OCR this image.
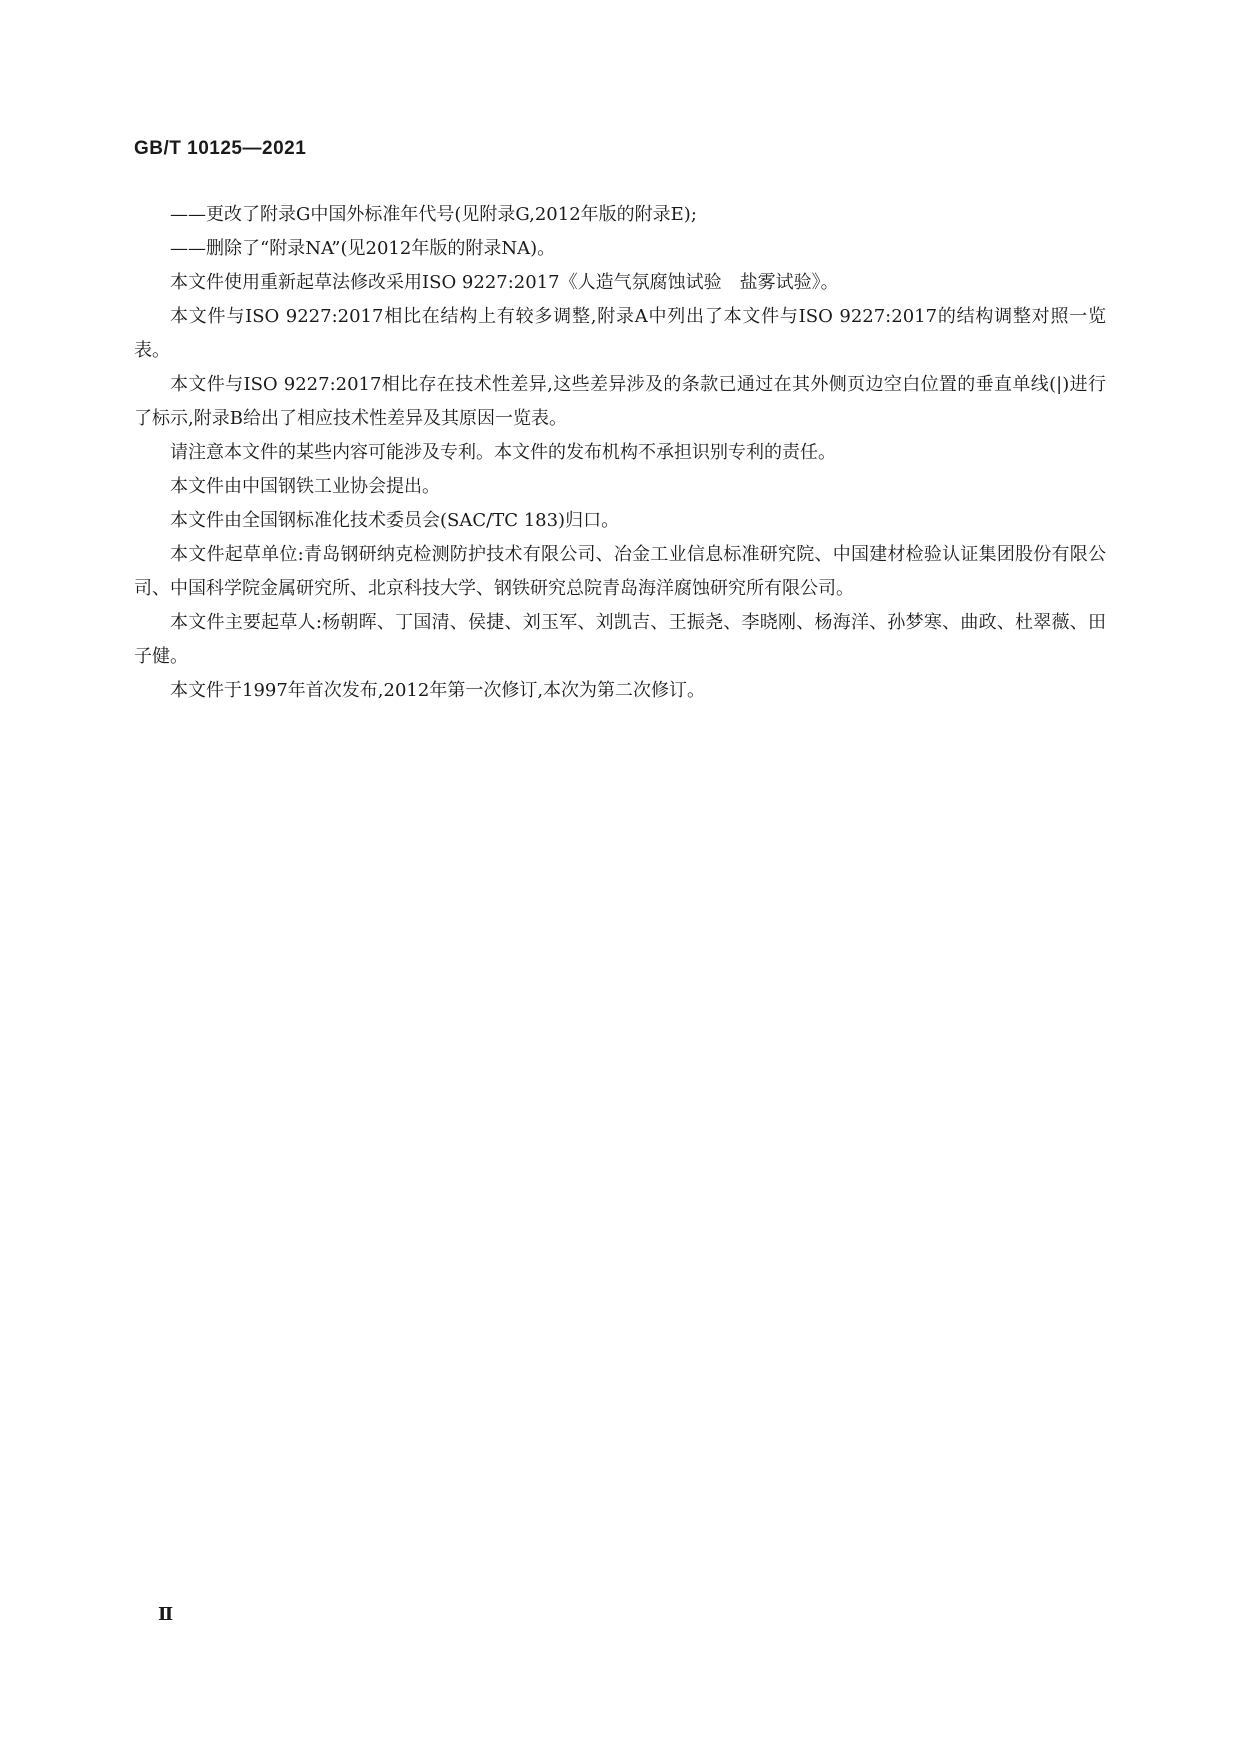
GB/T 10125—2021

——更改了附录G中国外标准年代号(见附录G,2012年版的附录E);

——删除了“附录NA”(见2012年版的附录NA)。

本文件使用重新起草法修改采用ISO 9227:2017《人造气氛腐蚀试验　盐雾试验》。

本文件与ISO 9227:2017相比在结构上有较多调整,附录A中列出了本文件与ISO 9227:2017的结构调整对照一览表。

本文件与ISO 9227:2017相比存在技术性差异,这些差异涉及的条款已通过在其外侧页边空白位置的垂直单线(|)进行了标示,附录B给出了相应技术性差异及其原因一览表。

请注意本文件的某些内容可能涉及专利。本文件的发布机构不承担识别专利的责任。

本文件由中国钢铁工业协会提出。

本文件由全国钢标准化技术委员会(SAC/TC 183)归口。

本文件起草单位:青岛钢研纳克检测防护技术有限公司、冶金工业信息标准研究院、中国建材检验认证集团股份有限公司、中国科学院金属研究所、北京科技大学、钢铁研究总院青岛海洋腐蚀研究所有限公司。

本文件主要起草人:杨朝晖、丁国清、侯捷、刘玉军、刘凯吉、王振尧、李晓刚、杨海洋、孙梦寒、曲政、杜翠薇、田子健。

本文件于1997年首次发布,2012年第一次修订,本次为第二次修订。

Ⅱ
